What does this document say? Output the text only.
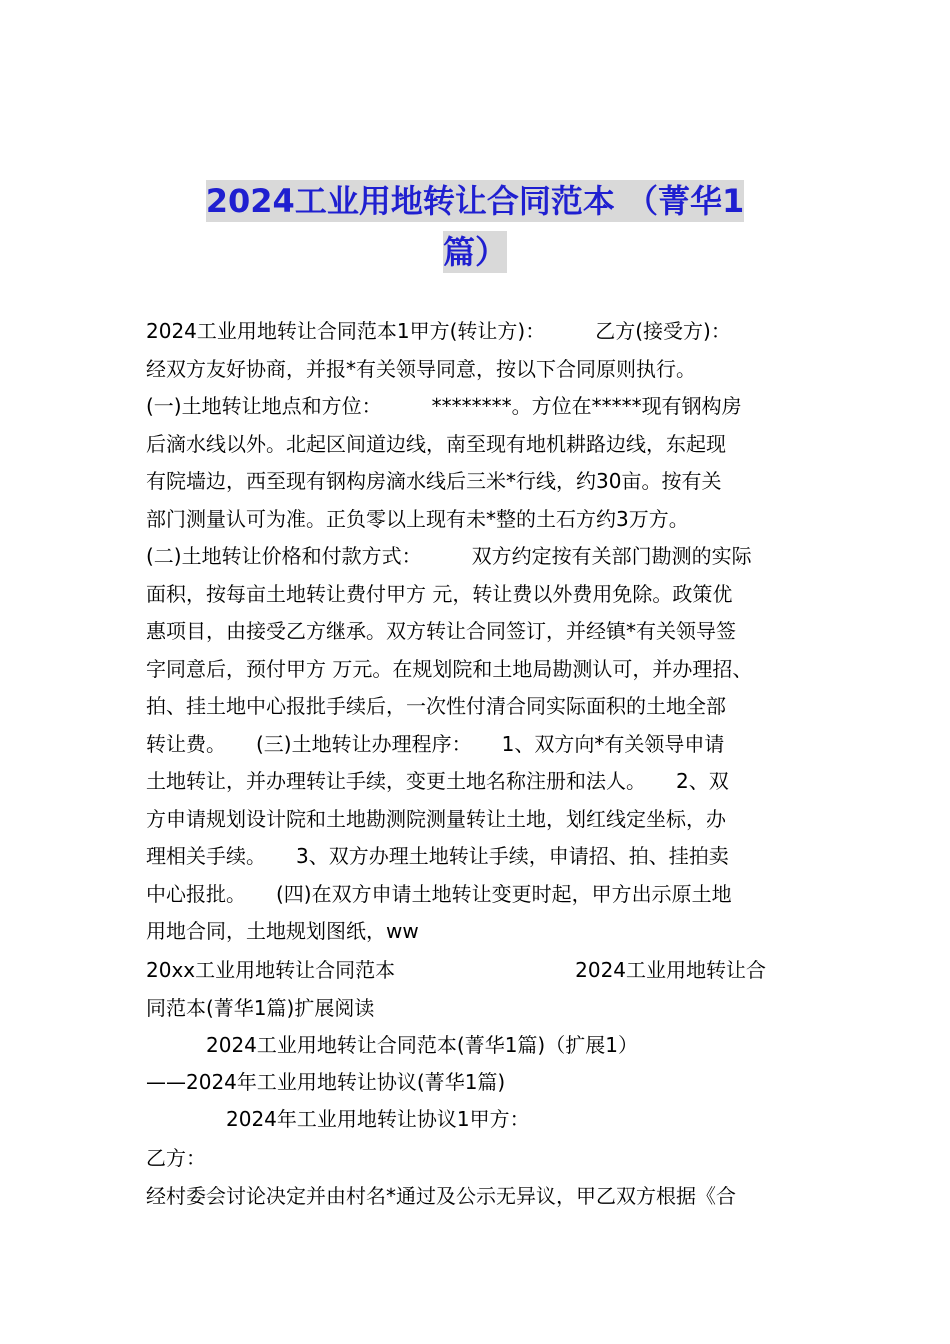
2024工业用地转让合同范本 （菁华1
篇）
2024工业用地转让合同范本1甲方(转让方)：　　　乙方(接受方)：
经双方友好协商，并报*有关领导同意，按以下合同原则执行。
(一)土地转让地点和方位：　　　********。方位在*****现有钢构房
后滴水线以外。北起区间道边线，南至现有地机耕路边线，东起现
有院墙边，西至现有钢构房滴水线后三米*行线，约30亩。按有关
部门测量认可为准。正负零以上现有未*整的土石方约3万方。
(二)土地转让价格和付款方式：　　　双方约定按有关部门勘测的实际
面积，按每亩土地转让费付甲方 元，转让费以外费用免除。政策优
惠项目，由接受乙方继承。双方转让合同签订，并经镇*有关领导签
字同意后，预付甲方 万元。在规划院和土地局勘测认可，并办理招、
拍、挂土地中心报批手续后，一次性付清合同实际面积的土地全部
转让费。　　(三)土地转让办理程序：　　1、双方向*有关领导申请
土地转让，并办理转让手续，变更土地名称注册和法人。　　2、双
方申请规划设计院和土地勘测院测量转让土地，划红线定坐标，办
理相关手续。　　3、双方办理土地转让手续，申请招、拍、挂拍卖
中心报批。　　(四)在双方申请土地转让变更时起，甲方出示原土地
用地合同，土地规划图纸，ww
20xx工业用地转让合同范本　　　　　　　　　2024工业用地转让合
同范本(菁华1篇)扩展阅读
2024工业用地转让合同范本(菁华1篇)（扩展1）
——2024年工业用地转让协议(菁华1篇)
2024年工业用地转让协议1甲方：
乙方：
经村委会讨论决定并由村名*通过及公示无异议，甲乙双方根据《合
